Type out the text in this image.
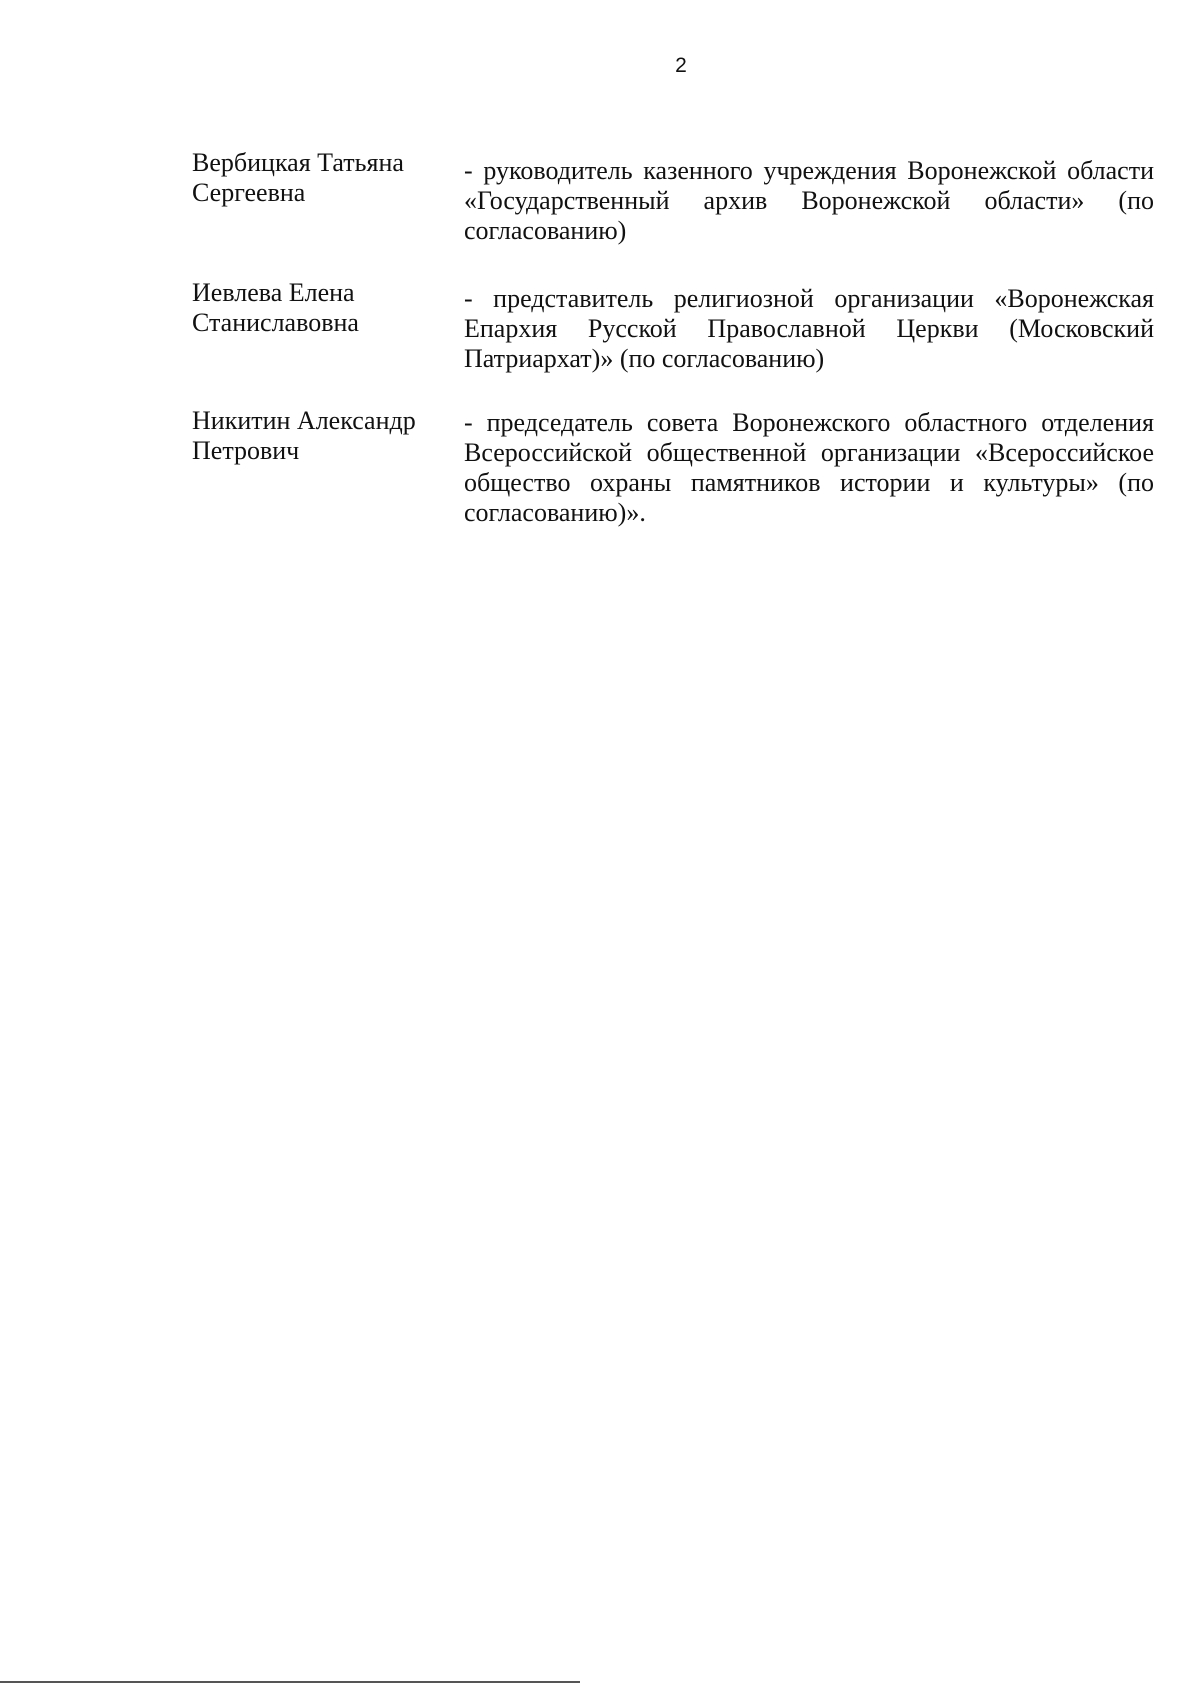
2
Вербицкая Татьяна
Сергеевна
- руководитель казенного учреждения Воронежской области «Государственный архив Воронежской области» (по согласованию)
Иевлева Елена
Станиславовна
- представитель религиозной организации «Воронежская Епархия Русской Православной Церкви (Московский Патриархат)» (по согласованию)
Никитин Александр
Петрович
- председатель совета Воронежского областного отделения Всероссийской общественной организации «Всероссийское общество охраны памятников истории и культуры» (по согласованию)».
